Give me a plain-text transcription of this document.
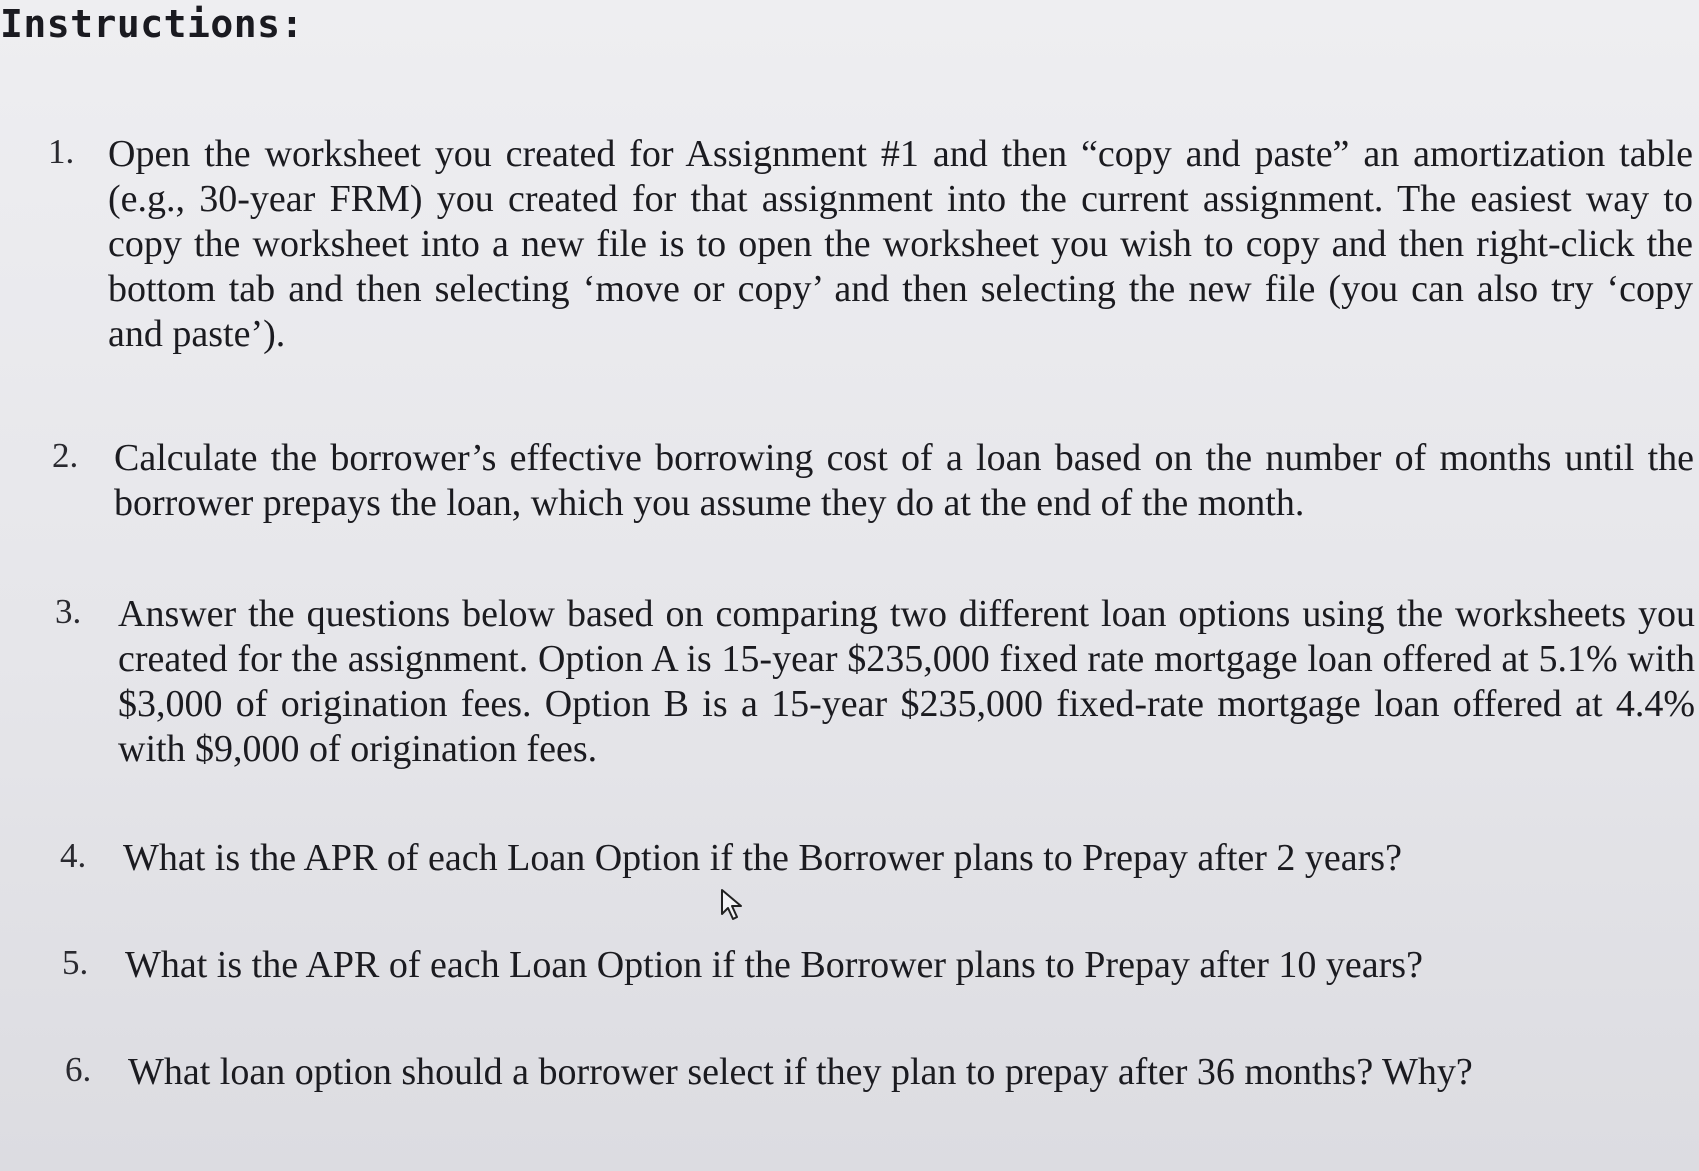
Instructions:
1. Open the worksheet you created for Assignment #1 and then “copy and paste” an amortization table (e.g., 30-year FRM) you created for that assignment into the current assignment. The easiest way to copy the worksheet into a new file is to open the worksheet you wish to copy and then right-click the bottom tab and then selecting ‘move or copy’ and then selecting the new file (you can also try ‘copy and paste’).
2. Calculate the borrower’s effective borrowing cost of a loan based on the number of months until the borrower prepays the loan, which you assume they do at the end of the month.
3. Answer the questions below based on comparing two different loan options using the worksheets you created for the assignment. Option A is 15-year $235,000 fixed rate mortgage loan offered at 5.1% with $3,000 of origination fees. Option B is a 15-year $235,000 fixed-rate mortgage loan offered at 4.4% with $9,000 of origination fees.
4. What is the APR of each Loan Option if the Borrower plans to Prepay after 2 years?
5. What is the APR of each Loan Option if the Borrower plans to Prepay after 10 years?
6. What loan option should a borrower select if they plan to prepay after 36 months? Why?
